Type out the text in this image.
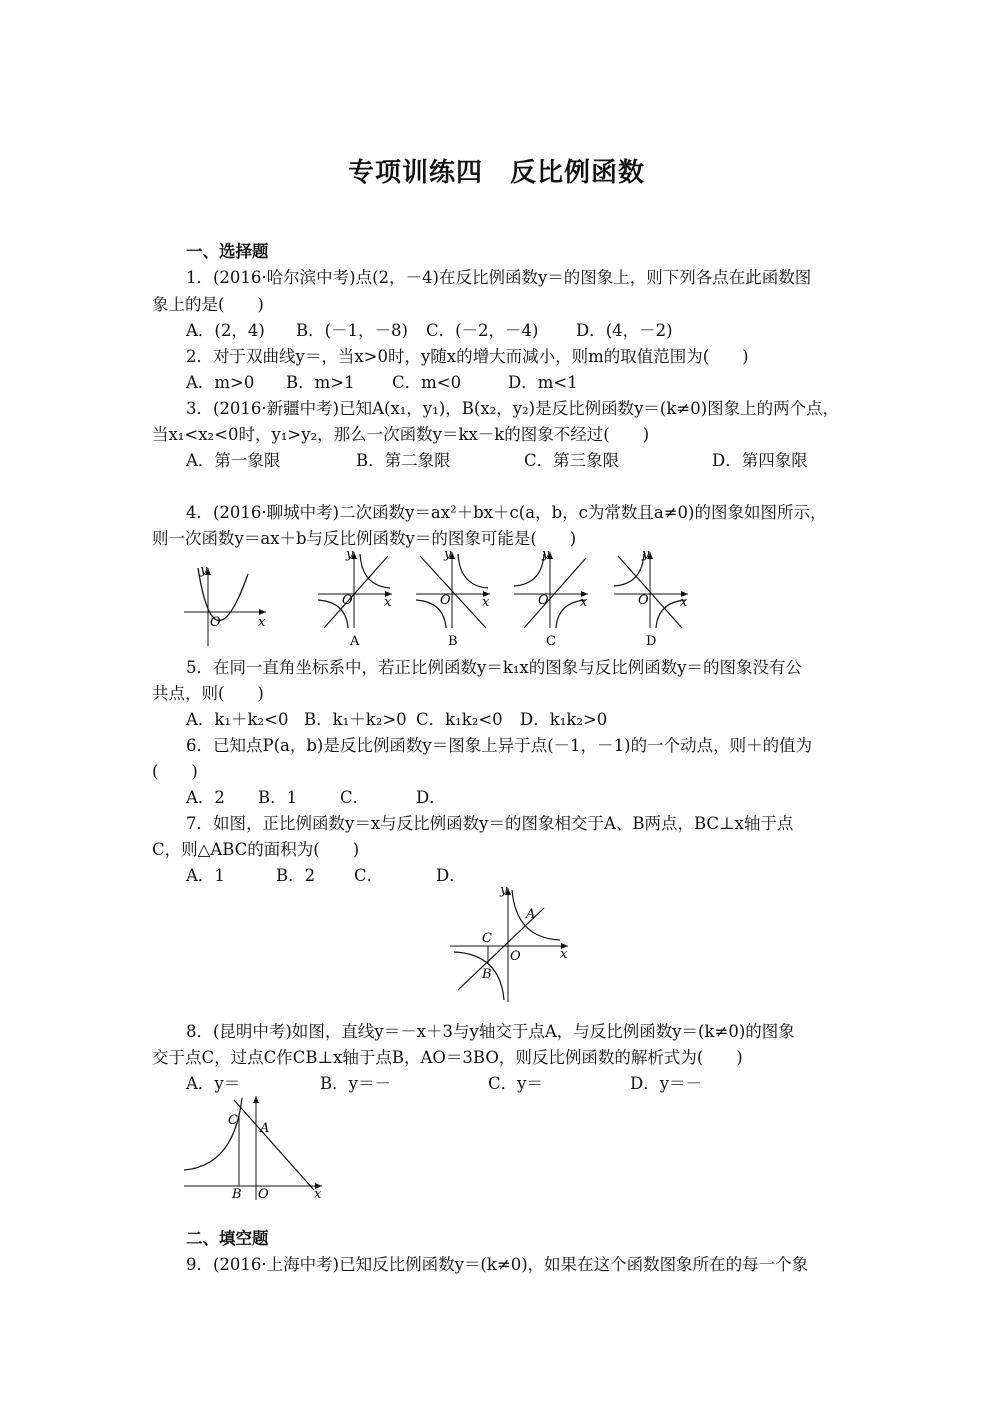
专项训练四　反比例函数
一、选择题
1．(2016·哈尔滨中考)点(2，－4)在反比例函数y＝的图象上，则下列各点在此函数图
象上的是(　　)
A．(2，4) B．(－1，－8) C．(－2，－4) D．(4，－2)
2．对于双曲线y＝，当x>0时，y随x的增大而减小，则m的取值范围为(　　)
A．m>0 B．m>1 C．m<0	D．m<1
3．(2016·新疆中考)已知A(x₁，y₁)，B(x₂，y₂)是反比例函数y＝(k≠0)图象上的两个点，
当x₁<x₂<0时，y₁>y₂，那么一次函数y＝kx－k的图象不经过(　　)
A．第一象限	B．第二象限	C．第三象限	D．第四象限
4．(2016·聊城中考)二次函数y＝ax²＋bx＋c(a，b，c为常数且a≠0)的图象如图所示，
则一次函数y＝ax＋b与反比例函数y＝的图象可能是(　　)
y
x
O
y
x
O
A
y
x
O
B
y
x
O
C
y
x
O
D
5．在同一直角坐标系中，若正比例函数y＝k₁x的图象与反比例函数y＝的图象没有公
共点，则(　　)
A．k₁＋k₂<0 B．k₁＋k₂>0 C．k₁k₂<0 D．k₁k₂>0
6．已知点P(a，b)是反比例函数y＝图象上异于点(－1，－1)的一个动点，则＋的值为
(　　)
A．2 B．1	C．	D．
7．如图，正比例函数y＝x与反比例函数y＝的图象相交于A、B两点，BC⊥x轴于点
C，则△ABC的面积为(　　)
A．1	B．2 C．	D．
y
x
O
A
B
C
8．(昆明中考)如图，直线y＝－x＋3与y轴交于点A，与反比例函数y＝(k≠0)的图象
交于点C，过点C作CB⊥x轴于点B，AO＝3BO，则反比例函数的解析式为(　　)
A．y＝	B．y＝－	C．y＝	D．y＝－
C
A
B O	x
二、填空题
9．(2016·上海中考)已知反比例函数y＝(k≠0)，如果在这个函数图象所在的每一个象
